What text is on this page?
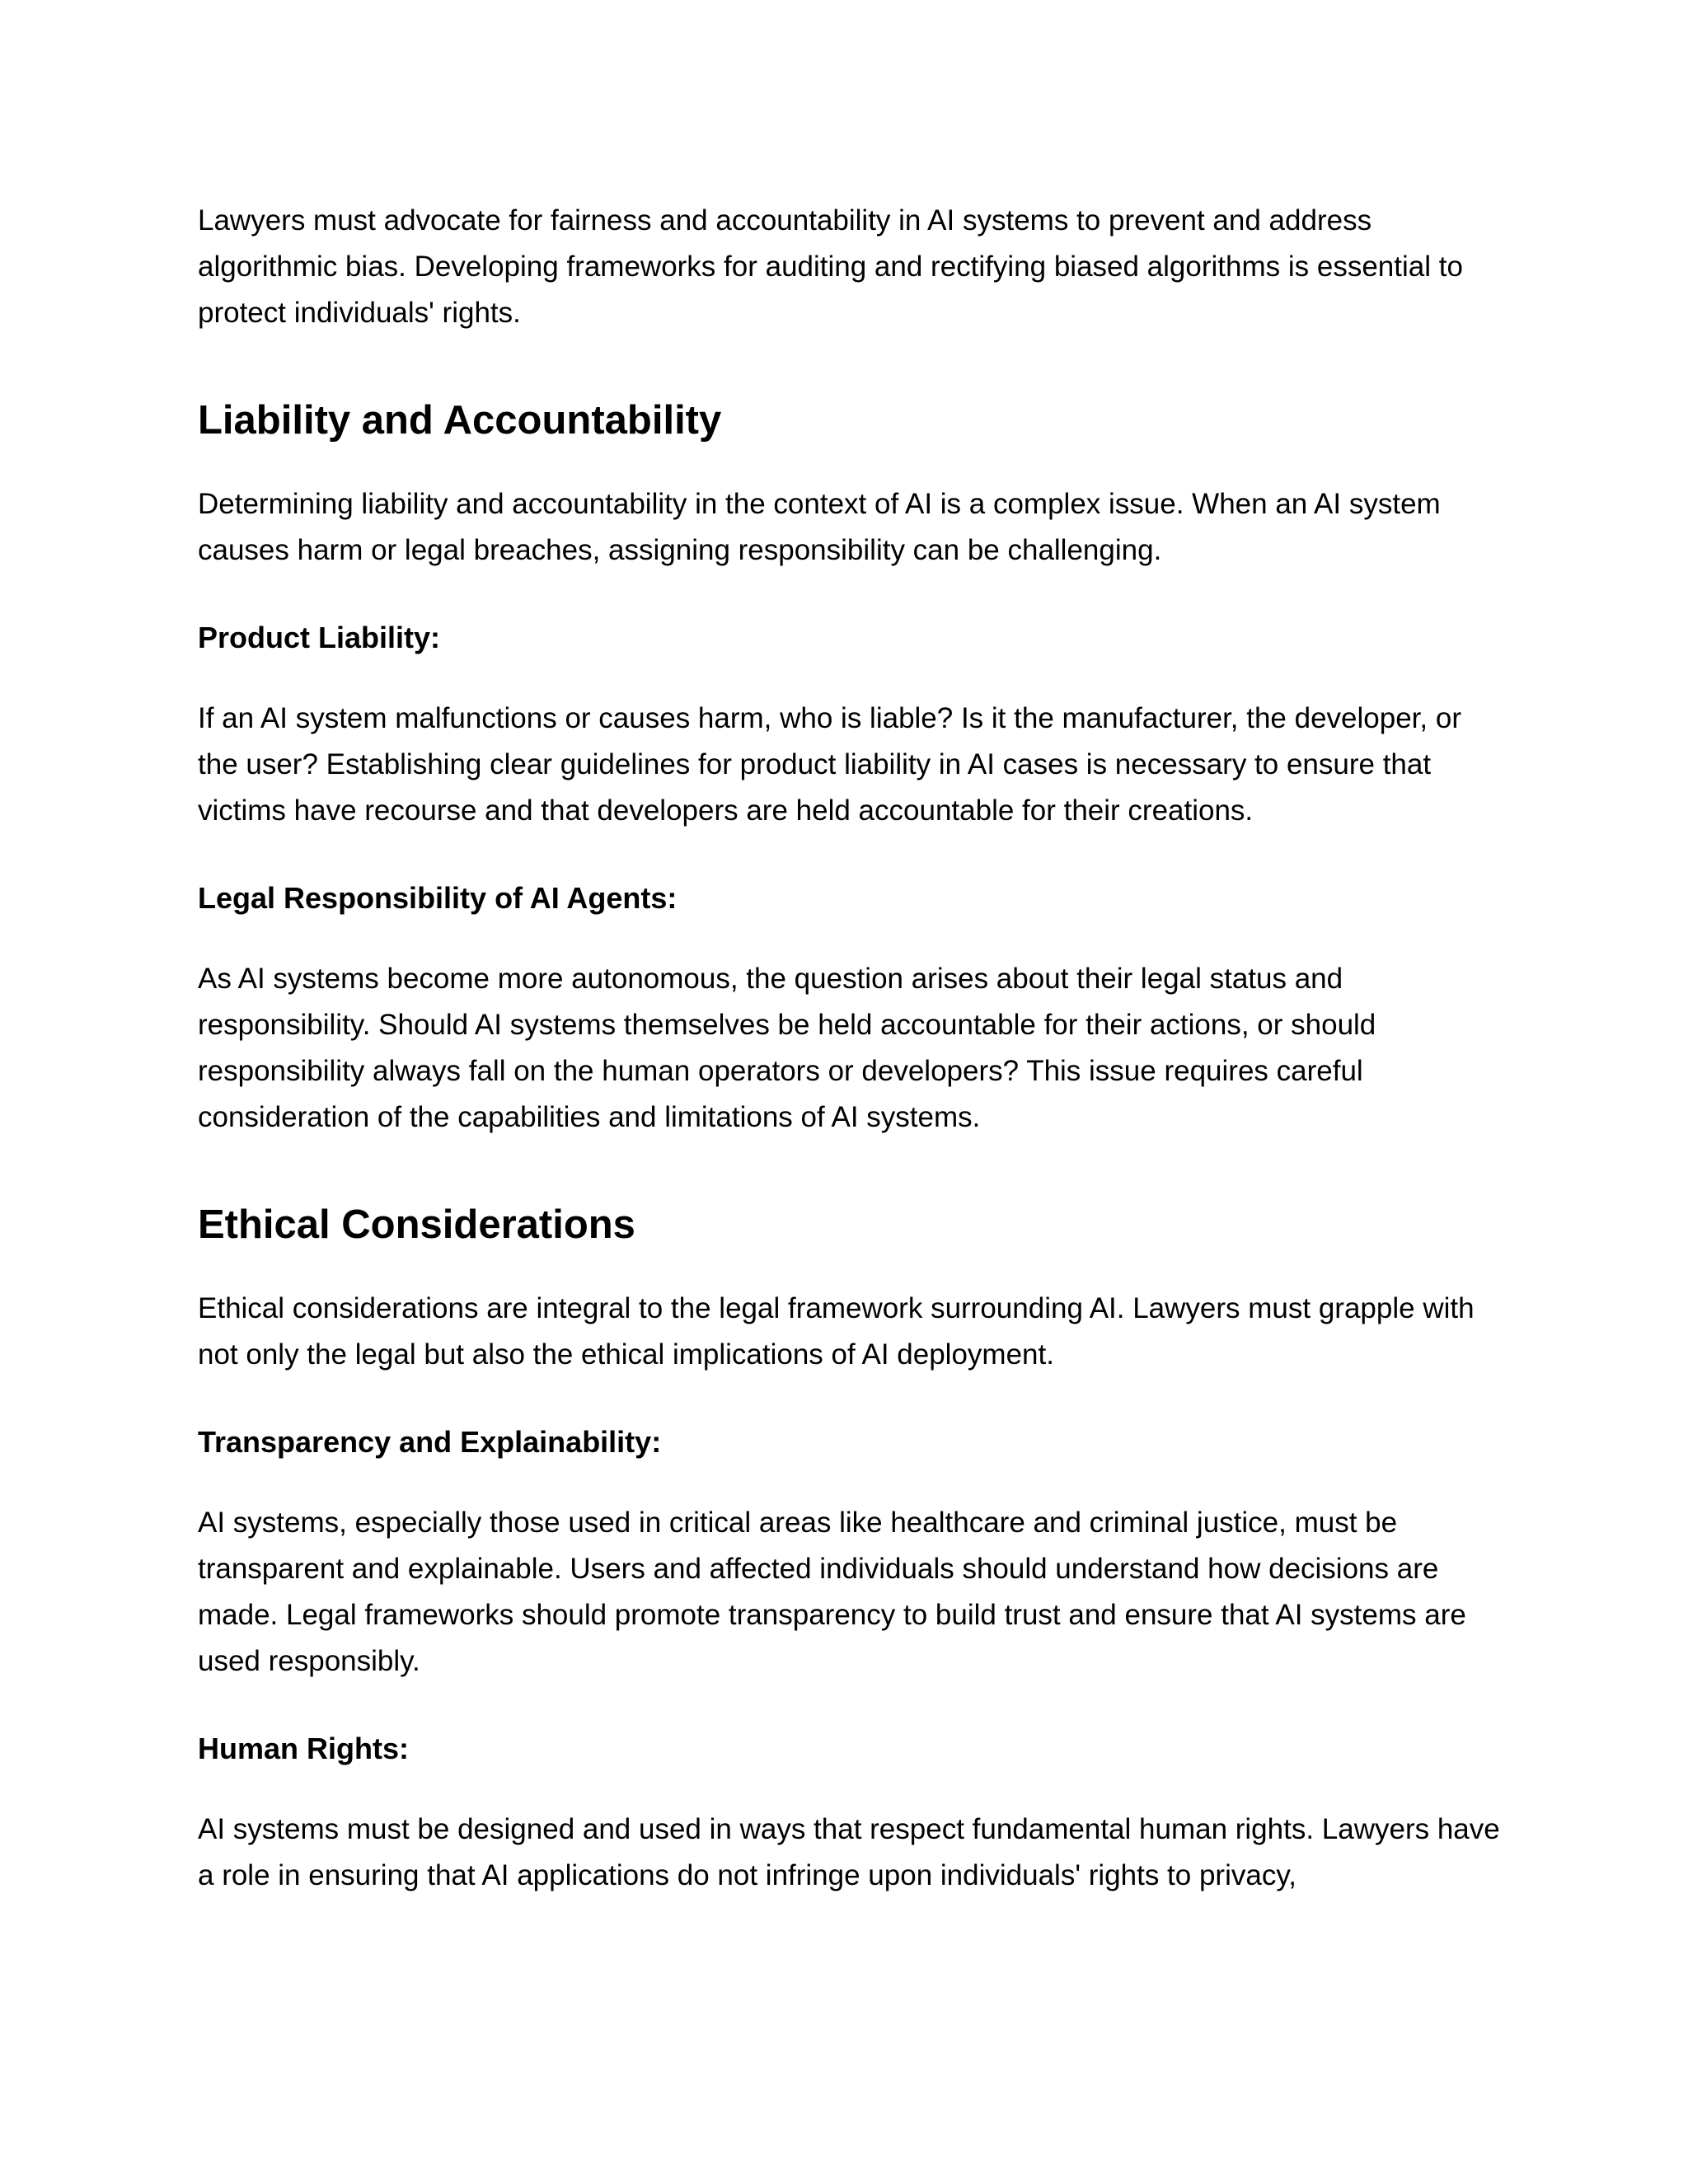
Lawyers must advocate for fairness and accountability in AI systems to prevent and address algorithmic bias. Developing frameworks for auditing and rectifying biased algorithms is essential to protect individuals' rights.

Liability and Accountability

Determining liability and accountability in the context of AI is a complex issue. When an AI system causes harm or legal breaches, assigning responsibility can be challenging.

Product Liability:

If an AI system malfunctions or causes harm, who is liable? Is it the manufacturer, the developer, or the user? Establishing clear guidelines for product liability in AI cases is necessary to ensure that victims have recourse and that developers are held accountable for their creations.

Legal Responsibility of AI Agents:

As AI systems become more autonomous, the question arises about their legal status and responsibility. Should AI systems themselves be held accountable for their actions, or should responsibility always fall on the human operators or developers? This issue requires careful consideration of the capabilities and limitations of AI systems.

Ethical Considerations

Ethical considerations are integral to the legal framework surrounding AI. Lawyers must grapple with not only the legal but also the ethical implications of AI deployment.

Transparency and Explainability:

AI systems, especially those used in critical areas like healthcare and criminal justice, must be transparent and explainable. Users and affected individuals should understand how decisions are made. Legal frameworks should promote transparency to build trust and ensure that AI systems are used responsibly.

Human Rights:

AI systems must be designed and used in ways that respect fundamental human rights. Lawyers have a role in ensuring that AI applications do not infringe upon individuals' rights to privacy,
